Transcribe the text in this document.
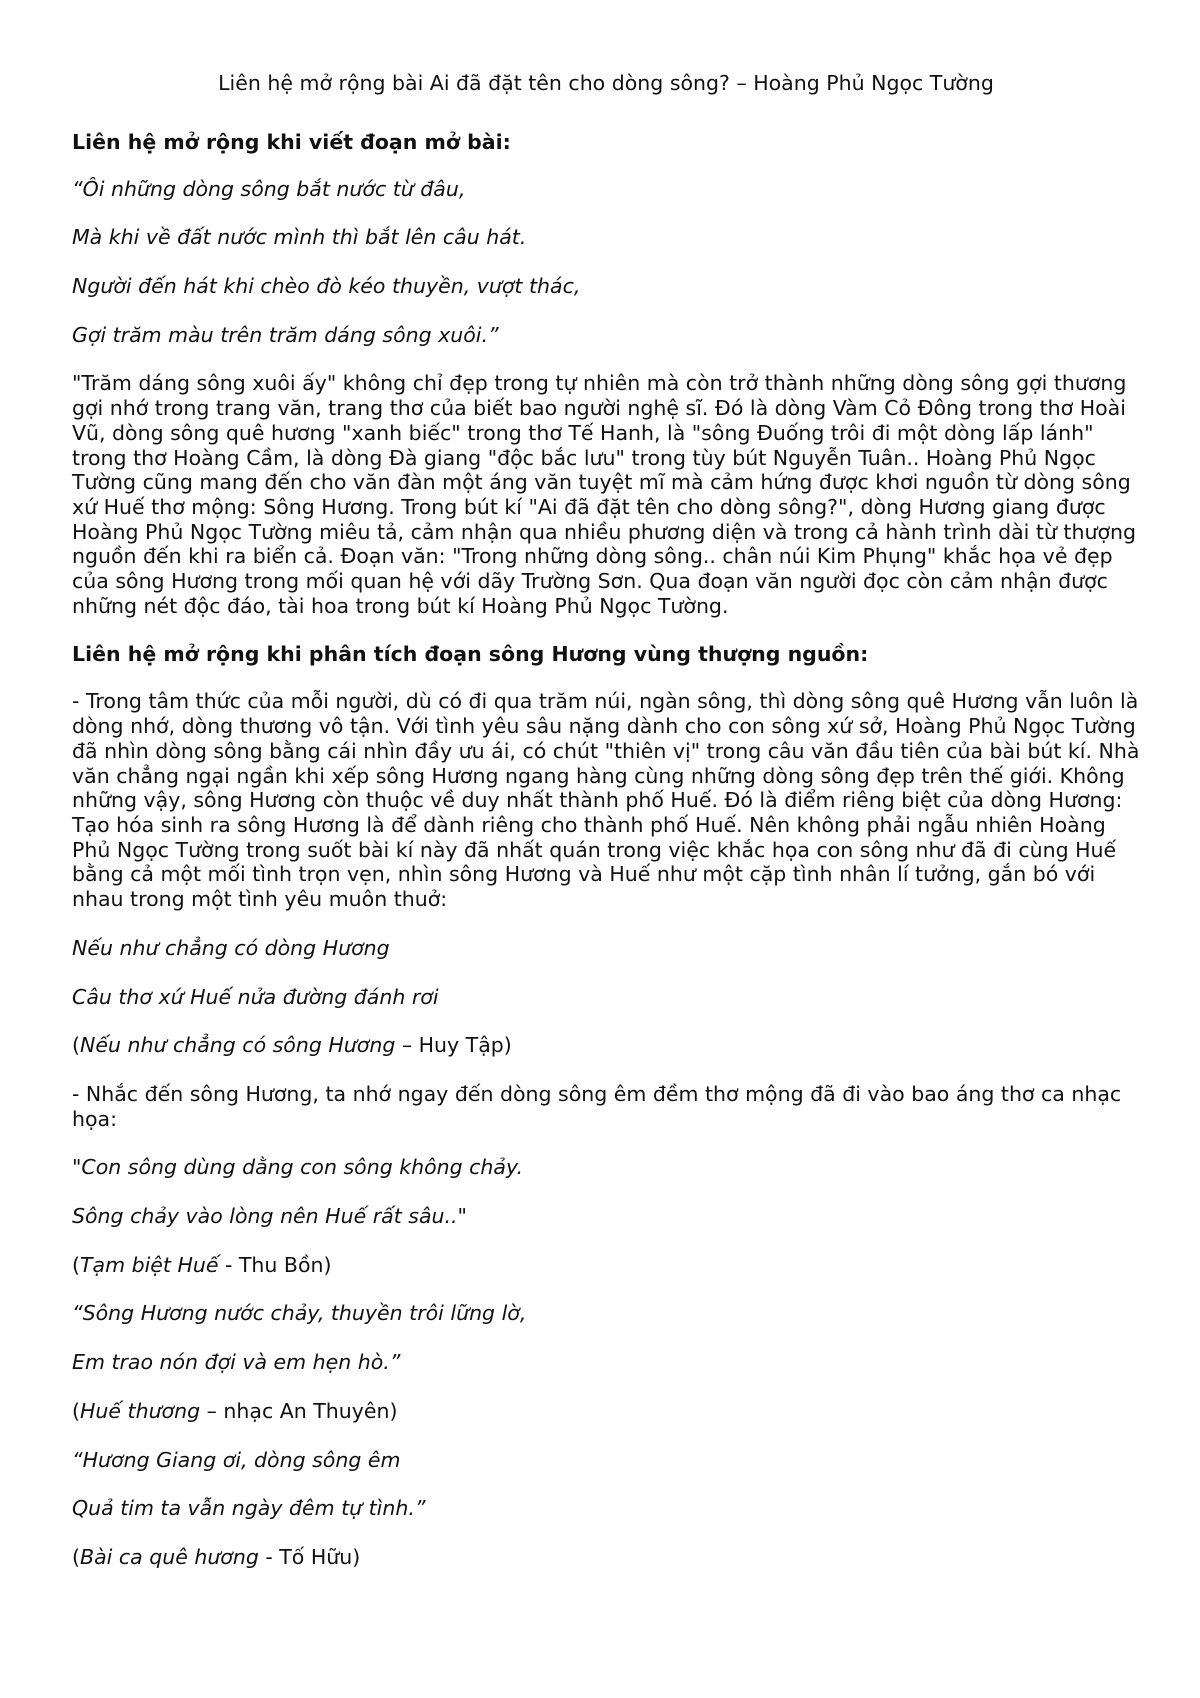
Liên hệ mở rộng bài Ai đã đặt tên cho dòng sông? – Hoàng Phủ Ngọc Tường
Liên hệ mở rộng khi viết đoạn mở bài:
“Ôi những dòng sông bắt nước từ đâu,
Mà khi về đất nước mình thì bắt lên câu hát.
Người đến hát khi chèo đò kéo thuyền, vượt thác,
Gợi trăm màu trên trăm dáng sông xuôi.”
"Trăm dáng sông xuôi ấy" không chỉ đẹp trong tự nhiên mà còn trở thành những dòng sông gợi thương gợi nhớ trong trang văn, trang thơ của biết bao người nghệ sĩ. Đó là dòng Vàm Cỏ Đông trong thơ Hoài Vũ, dòng sông quê hương "xanh biếc" trong thơ Tế Hanh, là "sông Đuống trôi đi một dòng lấp lánh" trong thơ Hoàng Cầm, là dòng Đà giang "độc bắc lưu" trong tùy bút Nguyễn Tuân.. Hoàng Phủ Ngọc Tường cũng mang đến cho văn đàn một áng văn tuyệt mĩ mà cảm hứng được khơi nguồn từ dòng sông xứ Huế thơ mộng: Sông Hương. Trong bút kí "Ai đã đặt tên cho dòng sông?", dòng Hương giang được Hoàng Phủ Ngọc Tường miêu tả, cảm nhận qua nhiều phương diện và trong cả hành trình dài từ thượng nguồn đến khi ra biển cả. Đoạn văn: "Trong những dòng sông.. chân núi Kim Phụng" khắc họa vẻ đẹp của sông Hương trong mối quan hệ với dãy Trường Sơn. Qua đoạn văn người đọc còn cảm nhận được những nét độc đáo, tài hoa trong bút kí Hoàng Phủ Ngọc Tường.
Liên hệ mở rộng khi phân tích đoạn sông Hương vùng thượng nguồn:
- Trong tâm thức của mỗi người, dù có đi qua trăm núi, ngàn sông, thì dòng sông quê Hương vẫn luôn là dòng nhớ, dòng thương vô tận. Với tình yêu sâu nặng dành cho con sông xứ sở, Hoàng Phủ Ngọc Tường đã nhìn dòng sông bằng cái nhìn đầy ưu ái, có chút "thiên vị" trong câu văn đầu tiên của bài bút kí. Nhà văn chẳng ngại ngần khi xếp sông Hương ngang hàng cùng những dòng sông đẹp trên thế giới. Không những vậy, sông Hương còn thuộc về duy nhất thành phố Huế. Đó là điểm riêng biệt của dòng Hương: Tạo hóa sinh ra sông Hương là để dành riêng cho thành phố Huế. Nên không phải ngẫu nhiên Hoàng Phủ Ngọc Tường trong suốt bài kí này đã nhất quán trong việc khắc họa con sông như đã đi cùng Huế bằng cả một mối tình trọn vẹn, nhìn sông Hương và Huế như một cặp tình nhân lí tưởng, gắn bó với nhau trong một tình yêu muôn thuở:
Nếu như chẳng có dòng Hương
Câu thơ xứ Huế nửa đường đánh rơi
(Nếu như chẳng có sông Hương – Huy Tập)
- Nhắc đến sông Hương, ta nhớ ngay đến dòng sông êm đềm thơ mộng đã đi vào bao áng thơ ca nhạc họa:
"Con sông dùng dằng con sông không chảy.
Sông chảy vào lòng nên Huế rất sâu.."
(Tạm biệt Huế - Thu Bồn)
“Sông Hương nước chảy, thuyền trôi lững lờ,
Em trao nón đợi và em hẹn hò.”
(Huế thương – nhạc An Thuyên)
“Hương Giang ơi, dòng sông êm
Quả tim ta vẫn ngày đêm tự tình.”
(Bài ca quê hương - Tố Hữu)
